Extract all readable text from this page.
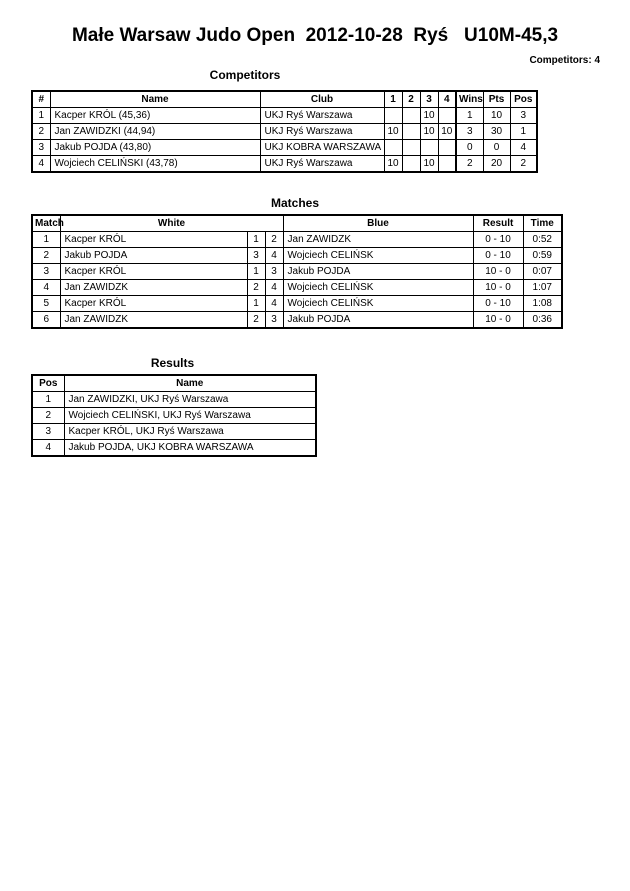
Małe Warsaw Judo Open  2012-10-28  Ryś   U10M-45,3
Competitors: 4
Competitors
#	Name	Club	1	2	3	4	Wins	Pts	Pos
1	Kacper KRÓL (45,36)	UKJ Ryś Warszawa			10		1	10	3
2	Jan ZAWIDZKI (44,94)	UKJ Ryś Warszawa	10		10	10	3	30	1
3	Jakub POJDA (43,80)	UKJ KOBRA WARSZAWA					0	0	4
4	Wojciech CELIŃSKI (43,78)	UKJ Ryś Warszawa	10		10		2	20	2
Matches
Match	White			Blue	Result	Time
1	Kacper KRÓL	1	2	Jan ZAWIDZK	0 - 10	0:52
2	Jakub POJDA	3	4	Wojciech CELIŃSK	0 - 10	0:59
3	Kacper KRÓL	1	3	Jakub POJDA	10 - 0	0:07
4	Jan ZAWIDZK	2	4	Wojciech CELIŃSK	10 - 0	1:07
5	Kacper KRÓL	1	4	Wojciech CELIŃSK	0 - 10	1:08
6	Jan ZAWIDZK	2	3	Jakub POJDA	10 - 0	0:36
Results
Pos	Name
1	Jan ZAWIDZKI, UKJ Ryś Warszawa
2	Wojciech CELIŃSKI, UKJ Ryś Warszawa
3	Kacper KRÓL, UKJ Ryś Warszawa
4	Jakub POJDA, UKJ KOBRA WARSZAWA
